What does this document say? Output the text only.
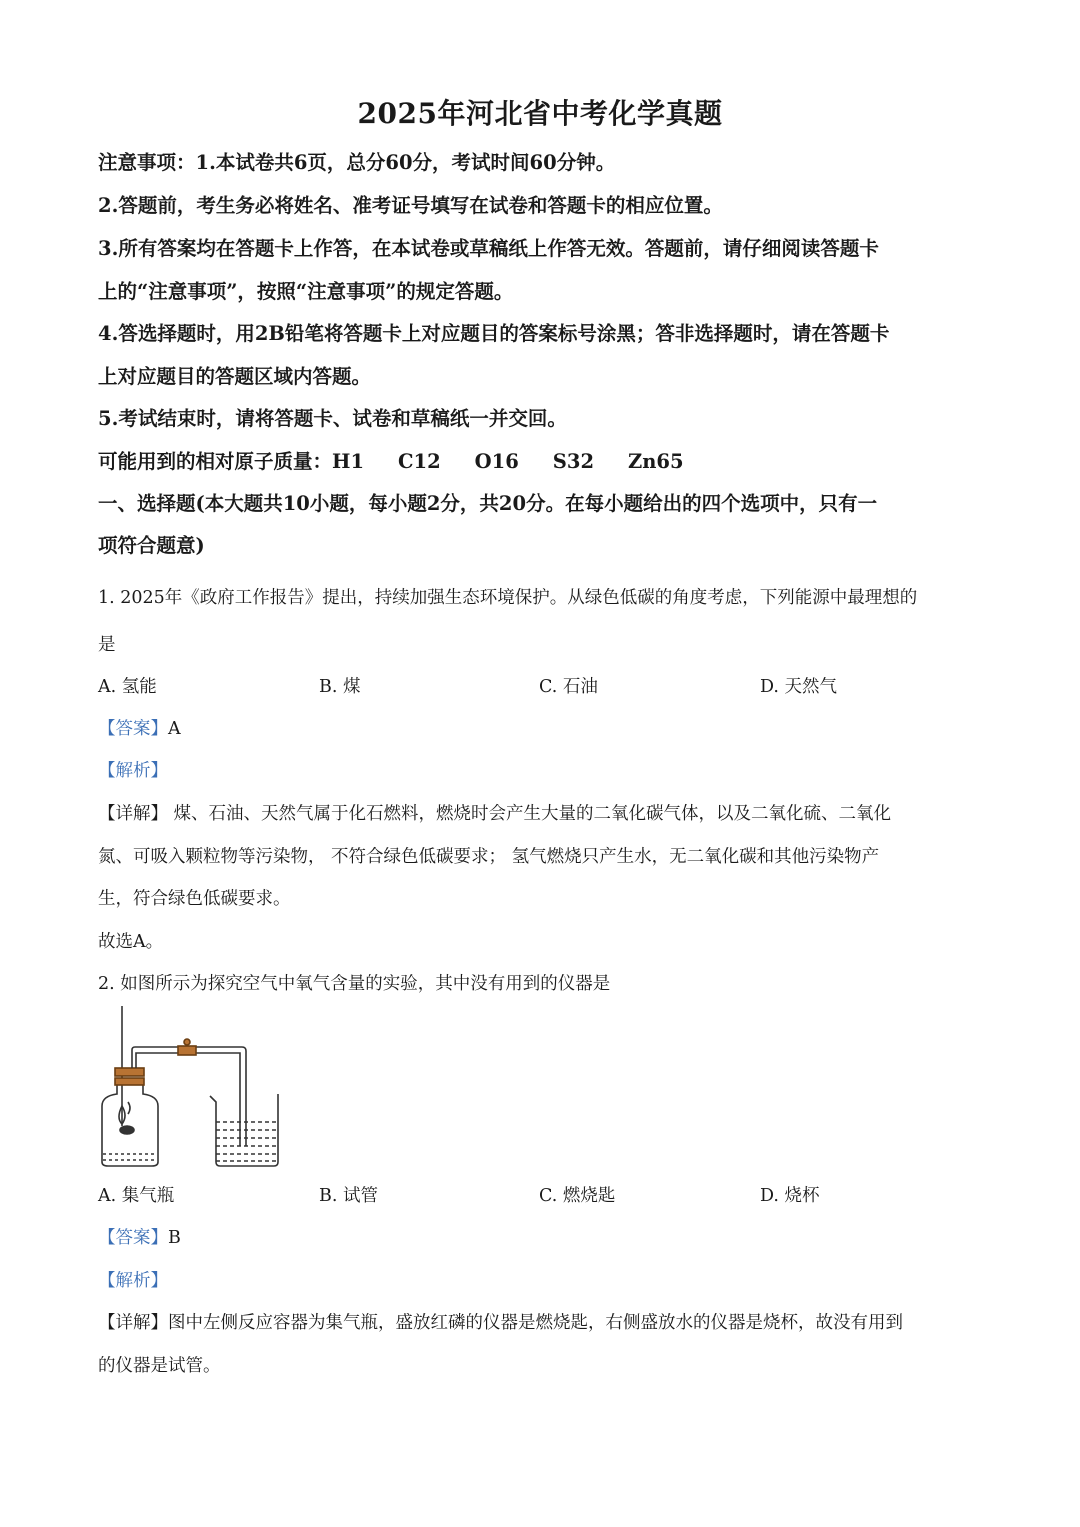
2025年河北省中考化学真题
注意事项：1.本试卷共6页，总分60分，考试时间60分钟。
2.答题前，考生务必将姓名、准考证号填写在试卷和答题卡的相应位置。
3.所有答案均在答题卡上作答，在本试卷或草稿纸上作答无效。答题前，请仔细阅读答题卡
上的“注意事项”，按照“注意事项”的规定答题。
4.答选择题时，用2B铅笔将答题卡上对应题目的答案标号涂黑；答非选择题时，请在答题卡
上对应题目的答题区域内答题。
5.考试结束时，请将答题卡、试卷和草稿纸一并交回。
可能用到的相对原子质量：H1 C12 O16 S32 Zn65
一、选择题(本大题共10小题，每小题2分，共20分。在每小题给出的四个选项中，只有一
项符合题意)
1. 2025年《政府工作报告》提出，持续加强生态环境保护。从绿色低碳的角度考虑，下列能源中最理想的
是
A. 氢能	B. 煤	C. 石油	D. 天然气
【答案】A
【解析】
【详解】 煤、石油、天然气属于化石燃料，燃烧时会产生大量的二氧化碳气体，以及二氧化硫、二氧化
氮、可吸入颗粒物等污染物， 不符合绿色低碳要求； 氢气燃烧只产生水，无二氧化碳和其他污染物产
生，符合绿色低碳要求。
故选A。
2. 如图所示为探究空气中氧气含量的实验，其中没有用到的仪器是
A. 集气瓶	B. 试管	C. 燃烧匙	D. 烧杯
【答案】B
【解析】
【详解】图中左侧反应容器为集气瓶，盛放红磷的仪器是燃烧匙，右侧盛放水的仪器是烧杯，故没有用到
的仪器是试管。
